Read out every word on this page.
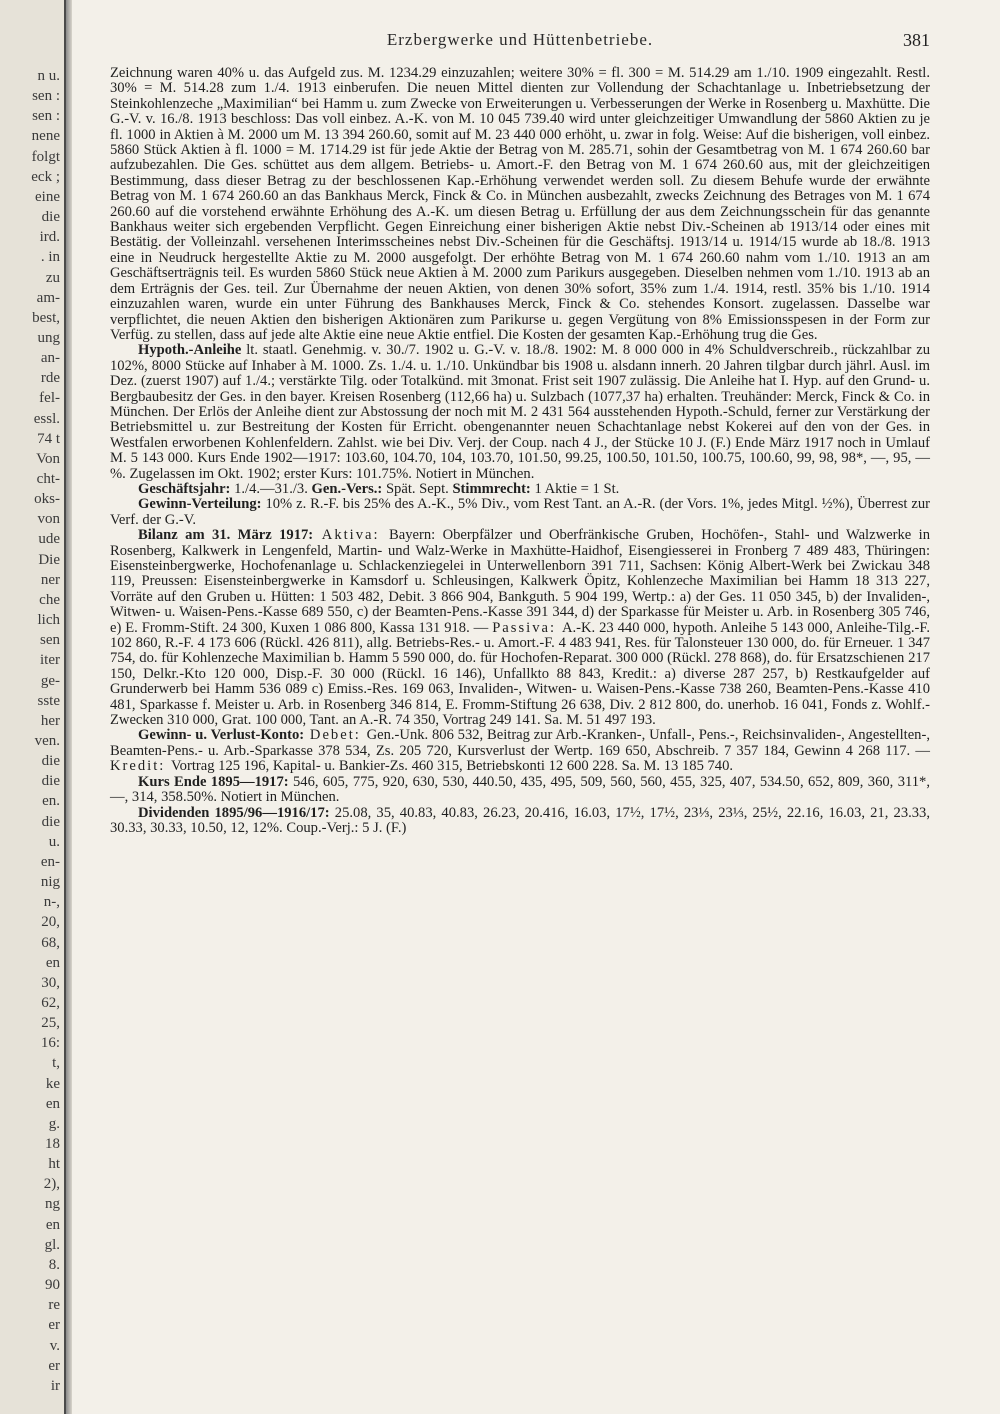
n u.
sen :
sen :
nene
folgt
eck ;
eine
die
ird.
. in
zu
am-
best,
ung
an-
rde
fel-
essl.
74 t
Von
cht-
oks-
von
ude
Die
ner
che
lich
sen
iter
ge-
sste
her
ven.
die
die
en.
die
u.
en-
nig
n-,
20,
68,
en
30,
62,
25,
16:
t,
ke
en
g.
18
ht
2),
ng
en
gl.
8.
90
re
er
v.
er
ir
Erzbergwerke und Hüttenbetriebe.	381

Zeichnung waren 40% u. das Aufgeld zus. M. 1234.29 einzuzahlen; weitere 30% = fl. 300 = M. 514.29 am 1./10. 1909 eingezahlt. Restl. 30% = M. 514.28 zum 1./4. 1913 einberufen. Die neuen Mittel dienten zur Vollendung der Schachtanlage u. Inbetriebsetzung der Steinkohlenzeche „Maximilian“ bei Hamm u. zum Zwecke von Erweiterungen u. Verbesserungen der Werke in Rosenberg u. Maxhütte. Die G.-V. v. 16./8. 1913 beschloss: Das voll einbez. A.-K. von M. 10 045 739.40 wird unter gleichzeitiger Umwandlung der 5860 Aktien zu je fl. 1000 in Aktien à M. 2000 um M. 13 394 260.60, somit auf M. 23 440 000 erhöht, u. zwar in folg. Weise: Auf die bisherigen, voll einbez. 5860 Stück Aktien à fl. 1000 = M. 1714.29 ist für jede Aktie der Betrag von M. 285.71, sohin der Gesamtbetrag von M. 1 674 260.60 bar aufzubezahlen. Die Ges. schüttet aus dem allgem. Betriebs- u. Amort.-F. den Betrag von M. 1 674 260.60 aus, mit der gleichzeitigen Bestimmung, dass dieser Betrag zu der beschlossenen Kap.-Erhöhung verwendet werden soll. Zu diesem Behufe wurde der erwähnte Betrag von M. 1 674 260.60 an das Bankhaus Merck, Finck & Co. in München ausbezahlt, zwecks Zeichnung des Betrages von M. 1 674 260.60 auf die vorstehend erwähnte Erhöhung des A.-K. um diesen Betrag u. Erfüllung der aus dem Zeichnungsschein für das genannte Bankhaus weiter sich ergebenden Verpflicht. Gegen Einreichung einer bisherigen Aktie nebst Div.-Scheinen ab 1913/14 oder eines mit Bestätig. der Volleinzahl. versehenen Interimsscheines nebst Div.-Scheinen für die Geschäftsj. 1913/14 u. 1914/15 wurde ab 18./8. 1913 eine in Neudruck hergestellte Aktie zu M. 2000 ausgefolgt. Der erhöhte Betrag von M. 1 674 260.60 nahm vom 1./10. 1913 an am Geschäftserträgnis teil. Es wurden 5860 Stück neue Aktien à M. 2000 zum Parikurs ausgegeben. Dieselben nehmen vom 1./10. 1913 ab an dem Erträgnis der Ges. teil. Zur Übernahme der neuen Aktien, von denen 30% sofort, 35% zum 1./4. 1914, restl. 35% bis 1./10. 1914 einzuzahlen waren, wurde ein unter Führung des Bankhauses Merck, Finck & Co. stehendes Konsort. zugelassen. Dasselbe war verpflichtet, die neuen Aktien den bisherigen Aktionären zum Parikurse u. gegen Vergütung von 8% Emissionsspesen in der Form zur Verfüg. zu stellen, dass auf jede alte Aktie eine neue Aktie entfiel. Die Kosten der gesamten Kap.-Erhöhung trug die Ges.

Hypoth.-Anleihe lt. staatl. Genehmig. v. 30./7. 1902 u. G.-V. v. 18./8. 1902: M. 8 000 000 in 4% Schuldverschreib., rückzahlbar zu 102%, 8000 Stücke auf Inhaber à M. 1000. Zs. 1./4. u. 1./10. Unkündbar bis 1908 u. alsdann innerh. 20 Jahren tilgbar durch jährl. Ausl. im Dez. (zuerst 1907) auf 1./4.; verstärkte Tilg. oder Totalkünd. mit 3monat. Frist seit 1907 zulässig. Die Anleihe hat I. Hyp. auf den Grund- u. Bergbaubesitz der Ges. in den bayer. Kreisen Rosenberg (112,66 ha) u. Sulzbach (1077,37 ha) erhalten. Treuhänder: Merck, Finck & Co. in München. Der Erlös der Anleihe dient zur Abstossung der noch mit M. 2 431 564 ausstehenden Hypoth.-Schuld, ferner zur Verstärkung der Betriebsmittel u. zur Bestreitung der Kosten für Erricht. obengenannter neuen Schachtanlage nebst Kokerei auf den von der Ges. in Westfalen erworbenen Kohlenfeldern. Zahlst. wie bei Div. Verj. der Coup. nach 4 J., der Stücke 10 J. (F.) Ende März 1917 noch in Umlauf M. 5 143 000. Kurs Ende 1902—1917: 103.60, 104.70, 104, 103.70, 101.50, 99.25, 100.50, 101.50, 100.75, 100.60, 99, 98, 98*, —, 95, —%. Zugelassen im Okt. 1902; erster Kurs: 101.75%. Notiert in München.

Geschäftsjahr: 1./4.—31./3. Gen.-Vers.: Spät. Sept. Stimmrecht: 1 Aktie = 1 St.

Gewinn-Verteilung: 10% z. R.-F. bis 25% des A.-K., 5% Div., vom Rest Tant. an A.-R. (der Vors. 1%, jedes Mitgl. ½%), Überrest zur Verf. der G.-V.

Bilanz am 31. März 1917: Aktiva: Bayern: Oberpfälzer und Oberfränkische Gruben, Hochöfen-, Stahl- und Walzwerke in Rosenberg, Kalkwerk in Lengenfeld, Martin- und Walz-Werke in Maxhütte-Haidhof, Eisengiesserei in Fronberg 7 489 483, Thüringen: Eisensteinbergwerke, Hochofenanlage u. Schlackenziegelei in Unterwellenborn 391 711, Sachsen: König Albert-Werk bei Zwickau 348 119, Preussen: Eisensteinbergwerke in Kamsdorf u. Schleusingen, Kalkwerk Öpitz, Kohlenzeche Maximilian bei Hamm 18 313 227, Vorräte auf den Gruben u. Hütten: 1 503 482, Debit. 3 866 904, Bankguth. 5 904 199, Wertp.: a) der Ges. 11 050 345, b) der Invaliden-, Witwen- u. Waisen-Pens.-Kasse 689 550, c) der Beamten-Pens.-Kasse 391 344, d) der Sparkasse für Meister u. Arb. in Rosenberg 305 746, e) E. Fromm-Stift. 24 300, Kuxen 1 086 800, Kassa 131 918. — Passiva: A.-K. 23 440 000, hypoth. Anleihe 5 143 000, Anleihe-Tilg.-F. 102 860, R.-F. 4 173 606 (Rückl. 426 811), allg. Betriebs-Res.- u. Amort.-F. 4 483 941, Res. für Talonsteuer 130 000, do. für Erneuer. 1 347 754, do. für Kohlenzeche Maximilian b. Hamm 5 590 000, do. für Hochofen-Reparat. 300 000 (Rückl. 278 868), do. für Ersatzschienen 217 150, Delkr.-Kto 120 000, Disp.-F. 30 000 (Rückl. 16 146), Unfallkto 88 843, Kredit.: a) diverse 287 257, b) Restkaufgelder auf Grunderwerb bei Hamm 536 089 c) Emiss.-Res. 169 063, Invaliden-, Witwen- u. Waisen-Pens.-Kasse 738 260, Beamten-Pens.-Kasse 410 481, Sparkasse f. Meister u. Arb. in Rosenberg 346 814, E. Fromm-Stiftung 26 638, Div. 2 812 800, do. unerhob. 16 041, Fonds z. Wohlf.-Zwecken 310 000, Grat. 100 000, Tant. an A.-R. 74 350, Vortrag 249 141. Sa. M. 51 497 193.

Gewinn- u. Verlust-Konto: Debet: Gen.-Unk. 806 532, Beitrag zur Arb.-Kranken-, Unfall-, Pens.-, Reichsinvaliden-, Angestellten-, Beamten-Pens.- u. Arb.-Sparkasse 378 534, Zs. 205 720, Kursverlust der Wertp. 169 650, Abschreib. 7 357 184, Gewinn 4 268 117. — Kredit: Vortrag 125 196, Kapital- u. Bankier-Zs. 460 315, Betriebskonti 12 600 228. Sa. M. 13 185 740.

Kurs Ende 1895—1917: 546, 605, 775, 920, 630, 530, 440.50, 435, 495, 509, 560, 560, 455, 325, 407, 534.50, 652, 809, 360, 311*, —, 314, 358.50%. Notiert in München.

Dividenden 1895/96—1916/17: 25.08, 35, 40.83, 40.83, 26.23, 20.416, 16.03, 17½, 17½, 23⅓, 23⅓, 25½, 22.16, 16.03, 21, 23.33, 30.33, 30.33, 10.50, 12, 12%. Coup.-Verj.: 5 J. (F.)
